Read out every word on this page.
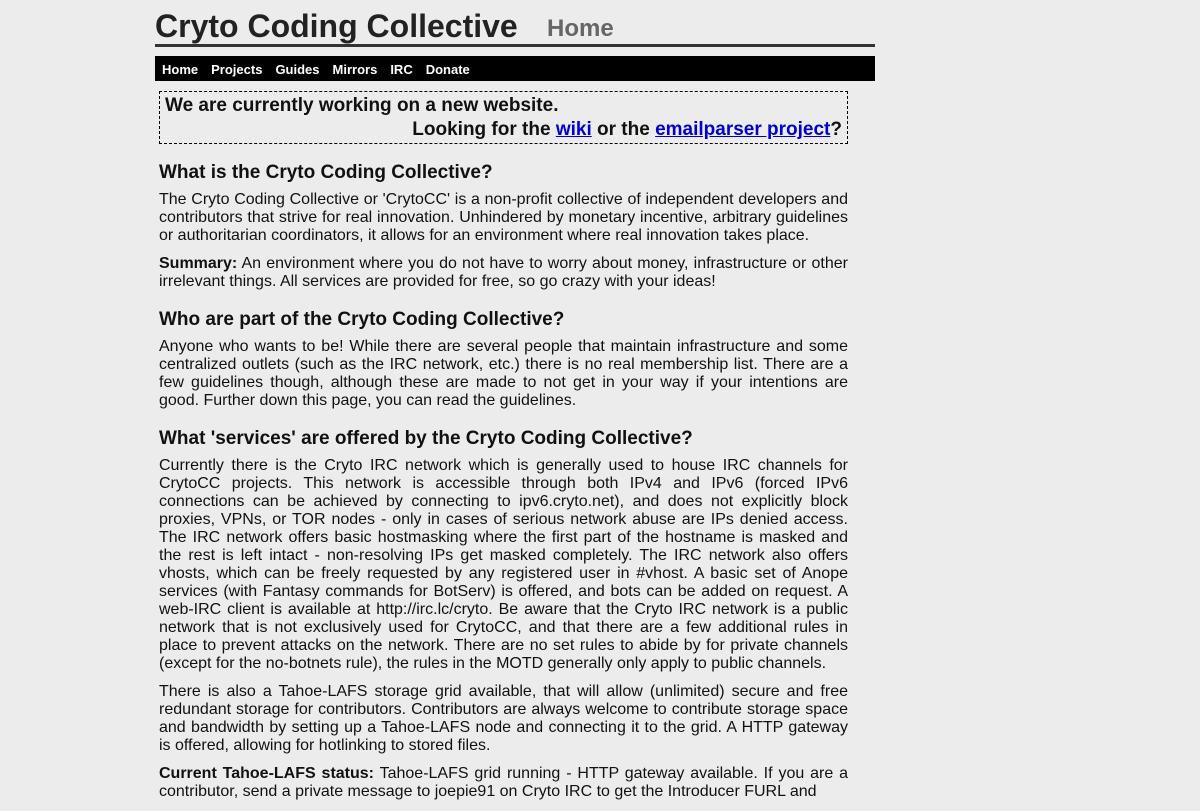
Cryto Coding Collective Home
Home Projects Guides Mirrors IRC Donate
We are currently working on a new website.
Looking for the wiki or the emailparser project?
What is the Cryto Coding Collective?

The Cryto Coding Collective or 'CrytoCC' is a non-profit collective of independent developers and contributors that strive for real innovation. Unhindered by monetary incentive, arbitrary guidelines or authoritarian coordinators, it allows for an environment where real innovation takes place.

Summary: An environment where you do not have to worry about money, infrastructure or other irrelevant things. All services are provided for free, so go crazy with your ideas!

Who are part of the Cryto Coding Collective?

Anyone who wants to be! While there are several people that maintain infrastructure and some centralized outlets (such as the IRC network, etc.) there is no real membership list. There are a few guidelines though, although these are made to not get in your way if your intentions are good. Further down this page, you can read the guidelines.

What 'services' are offered by the Cryto Coding Collective?

Currently there is the Cryto IRC network which is generally used to house IRC channels for CrytoCC projects. This network is accessible through both IPv4 and IPv6 (forced IPv6 connections can be achieved by connecting to ipv6.cryto.net), and does not explicitly block proxies, VPNs, or TOR nodes - only in cases of serious network abuse are IPs denied access. The IRC network offers basic hostmasking where the first part of the hostname is masked and the rest is left intact - non-resolving IPs get masked completely. The IRC network also offers vhosts, which can be freely requested by any registered user in #vhost. A basic set of Anope services (with Fantasy commands for BotServ) is offered, and bots can be added on request. A web-IRC client is available at http://irc.lc/cryto. Be aware that the Cryto IRC network is a public network that is not exclusively used for CrytoCC, and that there are a few additional rules in place to prevent attacks on the network. There are no set rules to abide by for private channels (except for the no-botnets rule), the rules in the MOTD generally only apply to public channels.

There is also a Tahoe-LAFS storage grid available, that will allow (unlimited) secure and free redundant storage for contributors. Contributors are always welcome to contribute storage space and bandwidth by setting up a Tahoe-LAFS node and connecting it to the grid. A HTTP gateway is offered, allowing for hotlinking to stored files.

Current Tahoe-LAFS status: Tahoe-LAFS grid running - HTTP gateway available. If you are a contributor, send a private message to joepie91 on Cryto IRC to get the Introducer FURL and
